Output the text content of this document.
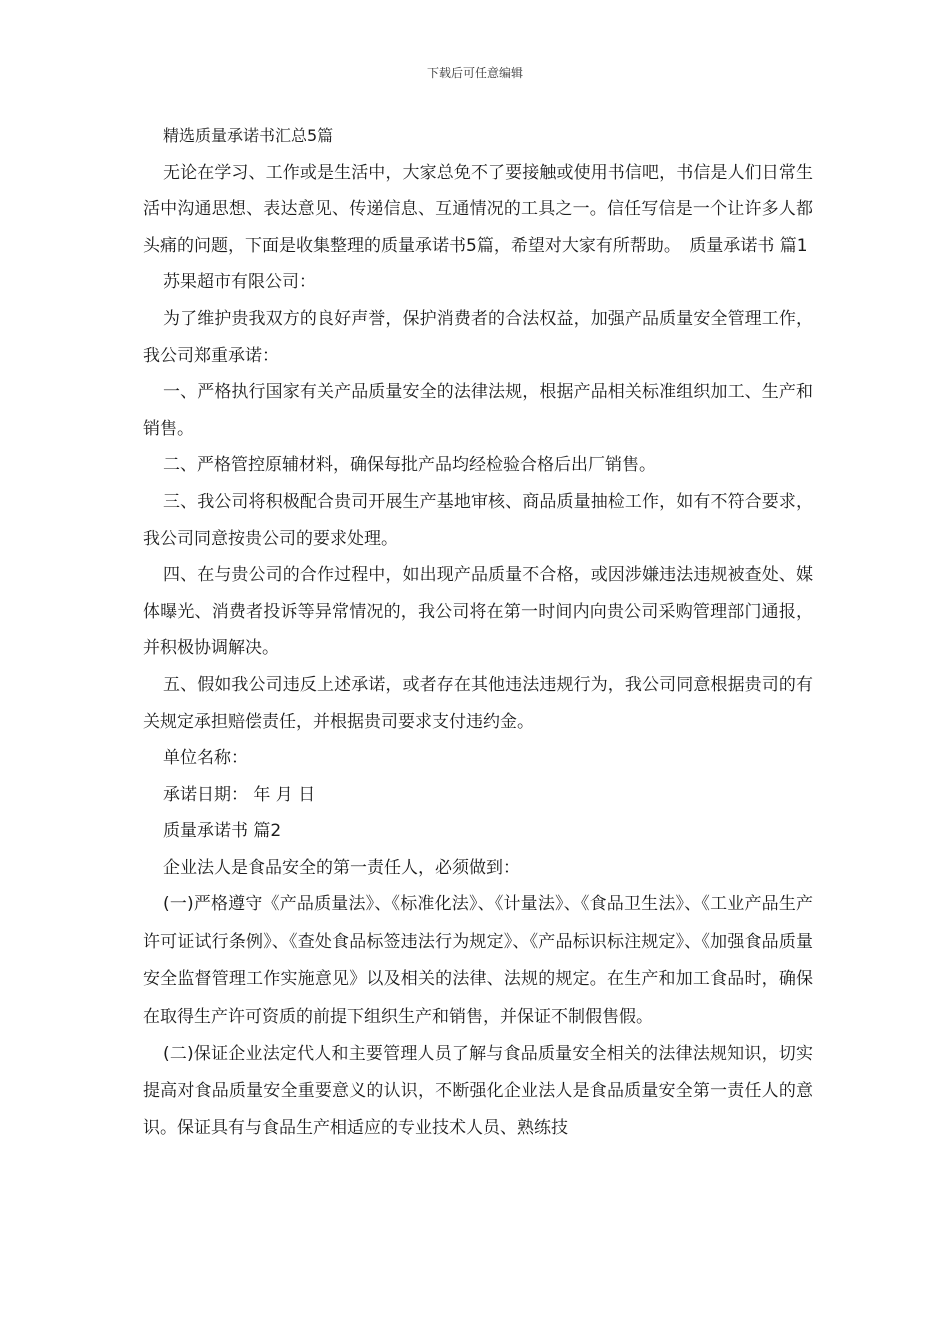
下载后可任意编辑

精选质量承诺书汇总5篇

无论在学习、工作或是生活中，大家总免不了要接触或使用书信吧，书信是人们日常生活中沟通思想、表达意见、传递信息、互通情况的工具之一。信任写信是一个让许多人都头痛的问题，下面是收集整理的质量承诺书5篇，希望对大家有所帮助。　质量承诺书 篇1

苏果超市有限公司：

为了维护贵我双方的良好声誉，保护消费者的合法权益，加强产品质量安全管理工作，我公司郑重承诺：

一、严格执行国家有关产品质量安全的法律法规，根据产品相关标准组织加工、生产和销售。

二、严格管控原辅材料，确保每批产品均经检验合格后出厂销售。

三、我公司将积极配合贵司开展生产基地审核、商品质量抽检工作，如有不符合要求，我公司同意按贵公司的要求处理。

四、在与贵公司的合作过程中，如出现产品质量不合格，或因涉嫌违法违规被查处、媒体曝光、消费者投诉等异常情况的，我公司将在第一时间内向贵公司采购管理部门通报，并积极协调解决。

五、假如我公司违反上述承诺，或者存在其他违法违规行为，我公司同意根据贵司的有关规定承担赔偿责任，并根据贵司要求支付违约金。

单位名称：

承诺日期： 年 月 日

质量承诺书 篇2

企业法人是食品安全的第一责任人，必须做到：

(一)严格遵守《产品质量法》、《标准化法》、《计量法》、《食品卫生法》、《工业产品生产许可证试行条例》、《查处食品标签违法行为规定》、《产品标识标注规定》、《加强食品质量安全监督管理工作实施意见》以及相关的法律、法规的规定。在生产和加工食品时，确保在取得生产许可资质的前提下组织生产和销售，并保证不制假售假。

(二)保证企业法定代人和主要管理人员了解与食品质量安全相关的法律法规知识，切实提高对食品质量安全重要意义的认识，不断强化企业法人是食品质量安全第一责任人的意识。保证具有与食品生产相适应的专业技术人员、熟练技
